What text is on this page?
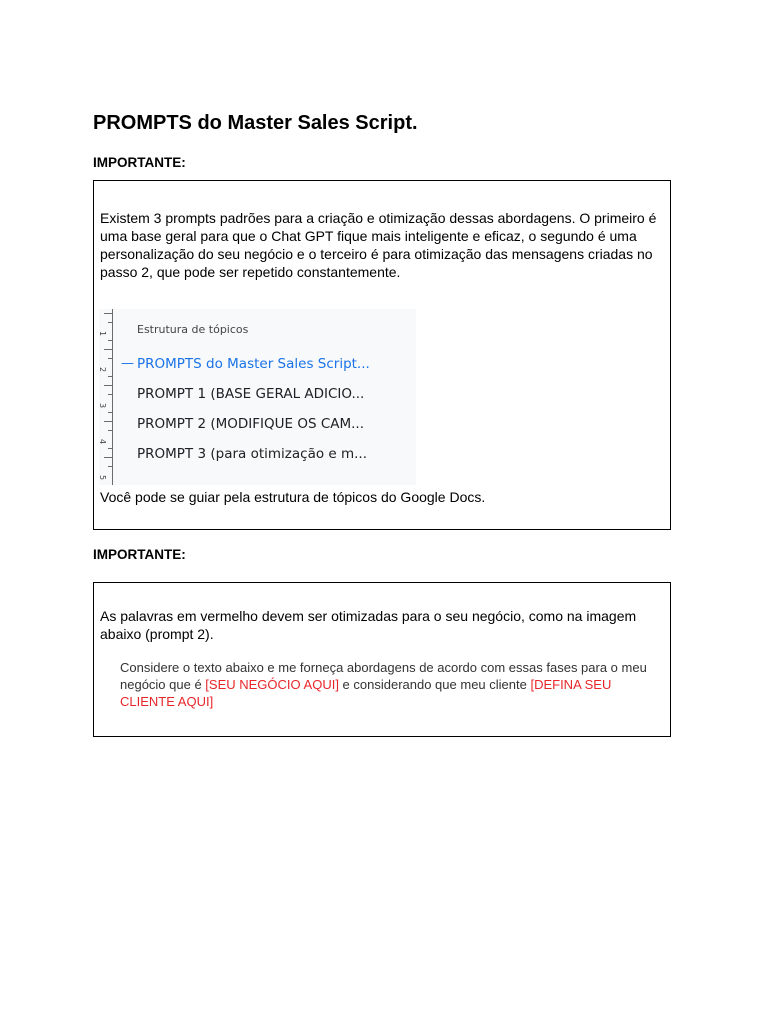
PROMPTS do Master Sales Script.

IMPORTANTE:

Existem 3 prompts padrões para a criação e otimização dessas abordagens. O primeiro é uma base geral para que o Chat GPT fique mais inteligente e eficaz, o segundo é uma personalização do seu negócio e o terceiro é para otimização das mensagens criadas no passo 2, que pode ser repetido constantemente.

1
2
3
4
5
Estrutura de tópicos
— PROMPTS do Master Sales Script...
PROMPT 1 (BASE GERAL ADICIO...
PROMPT 2 (MODIFIQUE OS CAM...
PROMPT 3 (para otimização e m...

Você pode se guiar pela estrutura de tópicos do Google Docs.

IMPORTANTE:

As palavras em vermelho devem ser otimizadas para o seu negócio, como na imagem abaixo (prompt 2).

Considere o texto abaixo e me forneça abordagens de acordo com essas fases para o meu negócio que é [SEU NEGÓCIO AQUI] e considerando que meu cliente [DEFINA SEU CLIENTE AQUI]
